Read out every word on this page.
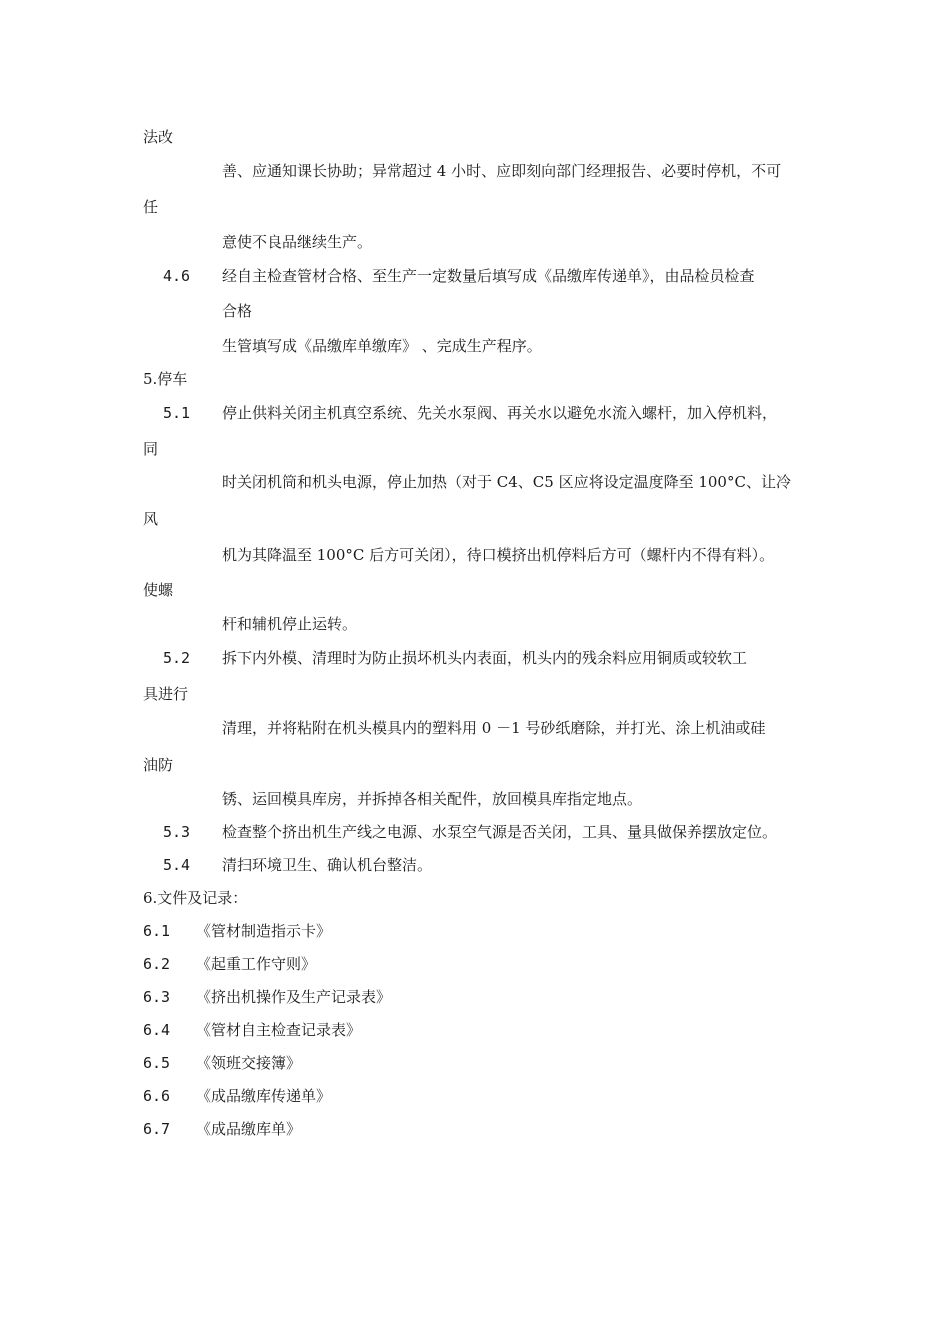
法改
善、应通知课长协助；异常超过 4 小时、应即刻向部门经理报告、必要时停机，不可
任
意使不良品继续生产。
4.6 经自主检查管材合格、至生产一定数量后填写成《品缴库传递单》，由品检员检查
合格
生管填写成《品缴库单缴库》 、完成生产程序。
5.停车
5.1 停止供料关闭主机真空系统、先关水泵阀、再关水以避免水流入螺杆，加入停机料，
同
时关闭机筒和机头电源，停止加热（对于 C4、C5 区应将设定温度降至 100°C、让冷
风
机为其降温至 100°C 后方可关闭），待口模挤出机停料后方可（螺杆内不得有料）。
使螺
杆和辅机停止运转。
5.2 拆下内外模、清理时为防止损坏机头内表面，机头内的残余料应用铜质或较软工
具进行
清理，并将粘附在机头模具内的塑料用 0 －1 号砂纸磨除，并打光、涂上机油或硅
油防
锈、运回模具库房，并拆掉各相关配件，放回模具库指定地点。
5.3 检查整个挤出机生产线之电源、水泵空气源是否关闭，工具、量具做保养摆放定位。
5.4 清扫环境卫生、确认机台整洁。
6.文件及记录：
6.1 《管材制造指示卡》
6.2 《起重工作守则》
6.3 《挤出机操作及生产记录表》
6.4 《管材自主检查记录表》
6.5 《领班交接簿》
6.6 《成品缴库传递单》
6.7 《成品缴库单》
